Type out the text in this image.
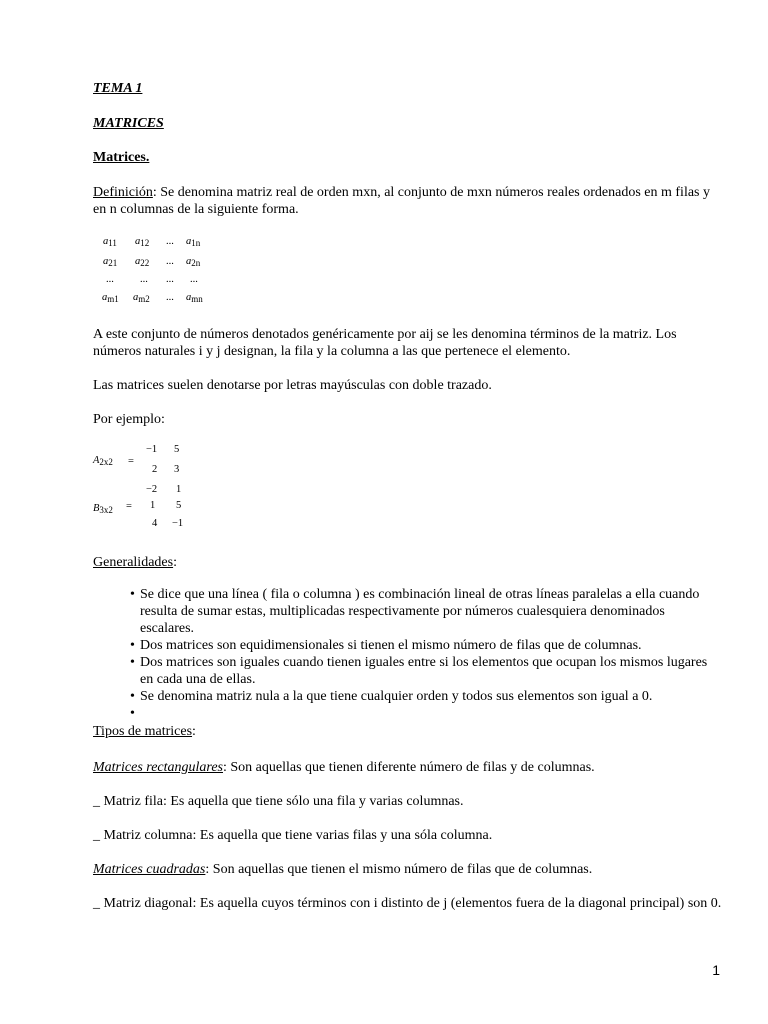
TEMA 1
MATRICES
Matrices.
Definición: Se denomina matriz real de orden mxn, al conjunto de mxn números reales ordenados en m filas y en n columnas de la siguiente forma.
a11 a12 ... a1n
a21 a22 ... a2n
... ... ... ...
am1 am2 ... amn
A este conjunto de números denotados genéricamente por aij se les denomina términos de la matriz. Los números naturales i y j designan, la fila y la columna a las que pertenece el elemento.
Las matrices suelen denotarse por letras mayúsculas con doble trazado.
Por ejemplo:
A2x2 =
−1 5
2 3
B3x2 =
−2 1
1 5
4 −1
Generalidades:
• Se dice que una línea ( fila o columna ) es combinación lineal de otras líneas paralelas a ella cuando resulta de sumar estas, multiplicadas respectivamente por números cualesquiera denominados escalares.
• Dos matrices son equidimensionales si tienen el mismo número de filas que de columnas.
• Dos matrices son iguales cuando tienen iguales entre si los elementos que ocupan los mismos lugares en cada una de ellas.
• Se denomina matriz nula a la que tiene cualquier orden y todos sus elementos son igual a 0.
•
Tipos de matrices:
Matrices rectangulares: Son aquellas que tienen diferente número de filas y de columnas.
_ Matriz fila: Es aquella que tiene sólo una fila y varias columnas.
_ Matriz columna: Es aquella que tiene varias filas y una sóla columna.
Matrices cuadradas: Son aquellas que tienen el mismo número de filas que de columnas.
_ Matriz diagonal: Es aquella cuyos términos con i distinto de j (elementos fuera de la diagonal principal) son 0.
1
